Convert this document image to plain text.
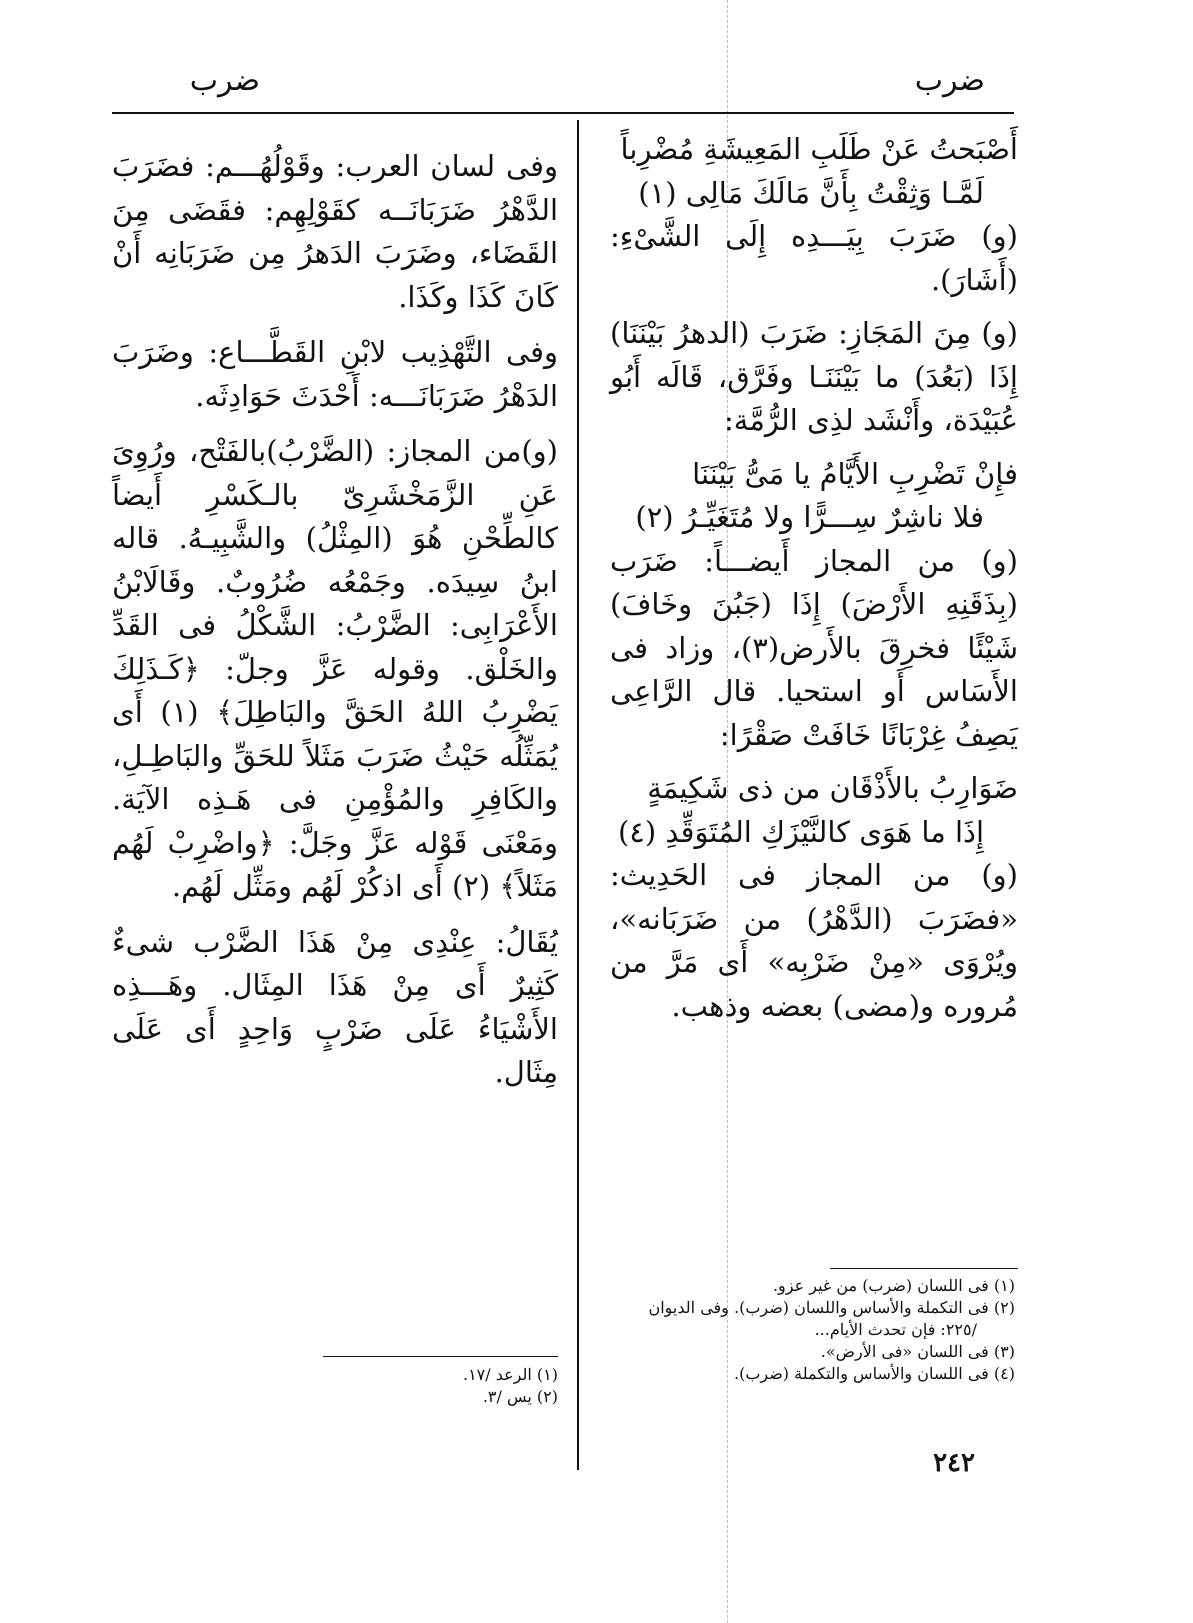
ضرب
ضرب
أَصْبَحتُ عَنْ طَلَبِ المَعِيشَةِ مُضْرِباً
لَمَّـا وَثِقْتُ بِأَنَّ مَالَكَ مَالِى (١)

(و) ضَرَبَ بِيَـــدِه إِلَى الشَّىْءِ: (أَشَارَ).

(و) مِنَ المَجَازِ: ضَرَبَ (الدهرُ بَيْنَنَا) إِذَا (بَعُدَ) ما بَيْنَنَـا وفَرَّق، قَالَه أَبُو عُبَيْدَة، وأَنْشَد لذِى الرُّمَّة:

فإِنْ تَضْرِبِ الأَيَّامُ يا مَىُّ بَيْنَنَا
فلا ناشِرٌ سِـــرًّا ولا مُتَغَيِّـرُ (٢)

(و) من المجاز أَيضـــاً: ضَرَب (بِذَقَنِهِ الأَرْضَ) إِذَا (جَبُنَ وخَافَ) شَيْئًا فخرِقَ بالأَرض(٣)، وزاد فى الأَسَاس أَو استحيا. قال الرَّاعِى يَصِفُ غِرْبَانًا خَافَتْ صَقْرًا:

ضَوَارِبُ بالأَذْقَان من ذى شَكِيمَةٍ
إِذَا ما هَوَى كالنَّيْزَكِ المُتَوَقِّدِ (٤)

(و) من المجاز فى الحَدِيث: «فضَرَبَ (الدَّهْرُ) من ضَرَبَانه»، ويُرْوَى «مِنْ ضَرْبِه» أَى مَرَّ من مُروره و(مضى) بعضه وذهب.

وفى لسان العرب: وقَوْلُهُـــم: فضَرَبَ الدَّهْرُ ضَرَبَانَــه كقَوْلِهِم: فقَضَى مِنَ القَضَاء، وضَرَبَ الدَهرُ مِن ضَرَبَانِه أَنْ كَانَ كَذَا وكَذَا.

وفى التَّهْذِيب لابْنِ القَطَّـــاع: وضَرَبَ الدَهْرُ ضَرَبَانَـــه: أَحْدَثَ حَوَادِثَه.

(و)من المجاز: (الضَّرْبُ)بالفَتْح، ورُوِىَ عَنِ الزَّمَخْشَرِىّ بالـكَسْرِ أَيضاً كالطِّحْنِ هُوَ (المِثْلُ) والشَّبِيـهُ. قاله ابنُ سِيدَه. وجَمْعُه ضُرُوبٌ. وقَالَابْنُ الأَعْرَابِى: الضَّرْبُ: الشَّكْلُ فى القَدِّ والخَلْق. وقوله عَزَّ وجلّ: ﴿كَـذَلِكَ يَضْرِبُ اللهُ الحَقَّ والبَاطِلَ﴾ (١) أَى يُمَثِّلُه حَيْثُ ضَرَبَ مَثَلاً للحَقِّ والبَاطِـلِ، والكَافِرِ والمُؤْمِنِ فى هَـذِه الآيَة. ومَعْنَى قَوْله عَزَّ وجَلَّ: ﴿واضْرِبْ لَهُم مَثَلاً﴾ (٢) أَى اذكُرْ لَهُم ومَثِّل لَهُم.

يُقَالُ: عِنْدِى مِنْ هَذَا الضَّرْب شىءٌ كَثِيرٌ أَى مِنْ هَذَا المِثَال. وهَـــذِه الأَشْيَاءُ عَلَى ضَرْبٍ وَاحِدٍ أَى عَلَى مِثَال.

(١) فى اللسان (ضرب) من غير عزو.
(٢) فى التكملة والأساس واللسان (ضرب). وفى الديوان
/٢٢٥: فإن تحدث الأيام...
(٣) فى اللسان «فى الأرض».
(٤) فى اللسان والأساس والتكملة (ضرب).
(١) الرعد /١٧.
(٢) يس /٣.
٢٤٢
